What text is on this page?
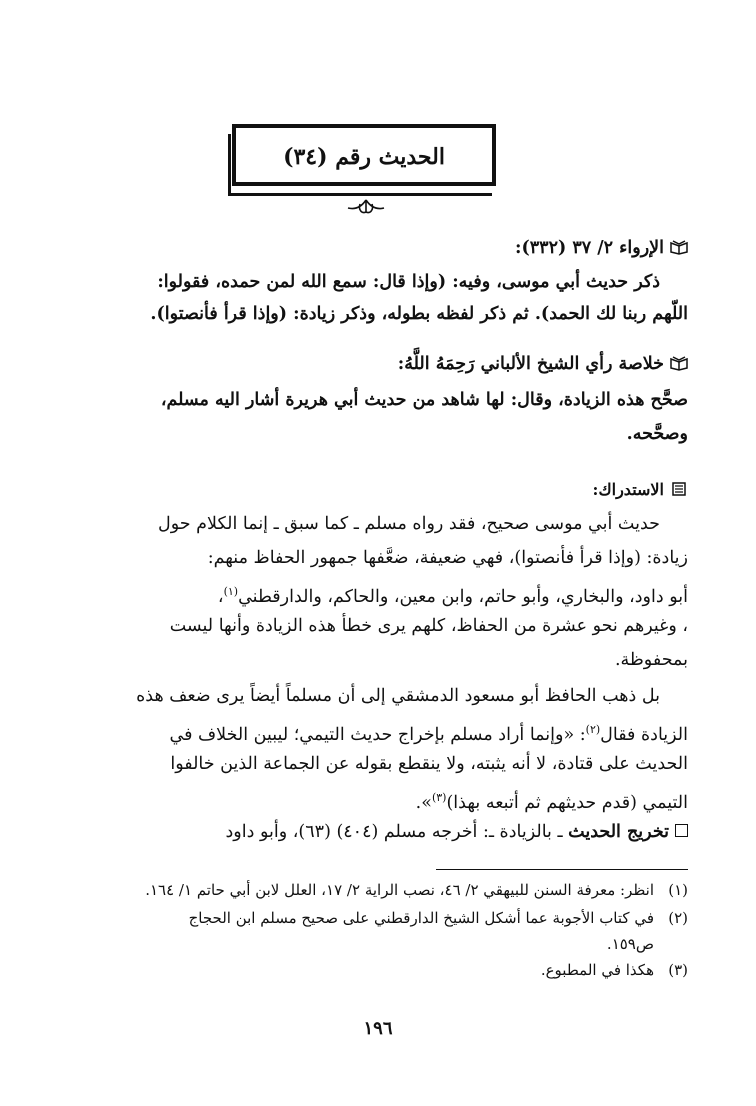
الحديث رقم (٣٤)
الإرواء ٢/ ٣٧ (٣٣٢):
ذكر حديث أبي موسى، وفيه: (وإذا قال: سمع الله لمن حمده، فقولوا:
اللّهم ربنا لك الحمد). ثم ذكر لفظه بطوله، وذكر زيادة: (وإذا قرأ فأنصتوا).
خلاصة رأي الشيخ الألباني رَحِمَهُ اللَّهُ:
صحَّح هذه الزيادة، وقال: لها شاهد من حديث أبي هريرة أشار اليه مسلم،
وصحَّحه.
الاستدراك:
حديث أبي موسى صحيح، فقد رواه مسلم ـ كما سبق ـ إنما الكلام حول
زيادة: (وإذا قرأ فأنصتوا)، فهي ضعيفة، ضعَّفها جمهور الحفاظ منهم:
أبو داود، والبخاري، وأبو حاتم، وابن معين، والحاكم، والدارقطني$^{(١)}$،
، وغيرهم نحو عشرة من الحفاظ، كلهم يرى خطأ هذه الزيادة وأنها ليست
بمحفوظة.
بل ذهب الحافظ أبو مسعود الدمشقي إلى أن مسلماً أيضاً يرى ضعف هذه
الزيادة فقال$^{(٢)}$: «وإنما أراد مسلم بإخراج حديث التيمي؛ ليبين الخلاف في
الحديث على قتادة، لا أنه يثبته، ولا ينقطع بقوله عن الجماعة الذين خالفوا
التيمي (قدم حديثهم ثم أتبعه بهذا)$^{(٣)}$».
تخريج الحديث ـ بالزيادة ـ: أخرجه مسلم (٤٠٤) (٦٣)، وأبو داود
(١)انظر: معرفة السنن للبيهقي ٢/ ٤٦، نصب الراية ٢/ ١٧، العلل لابن أبي حاتم ١/ ١٦٤.
(٢)في كتاب الأجوبة عما أشكل الشيخ الدارقطني على صحيح مسلم ابن الحجاج
ص١٥٩.
(٣)هكذا في المطبوع.
١٩٦
